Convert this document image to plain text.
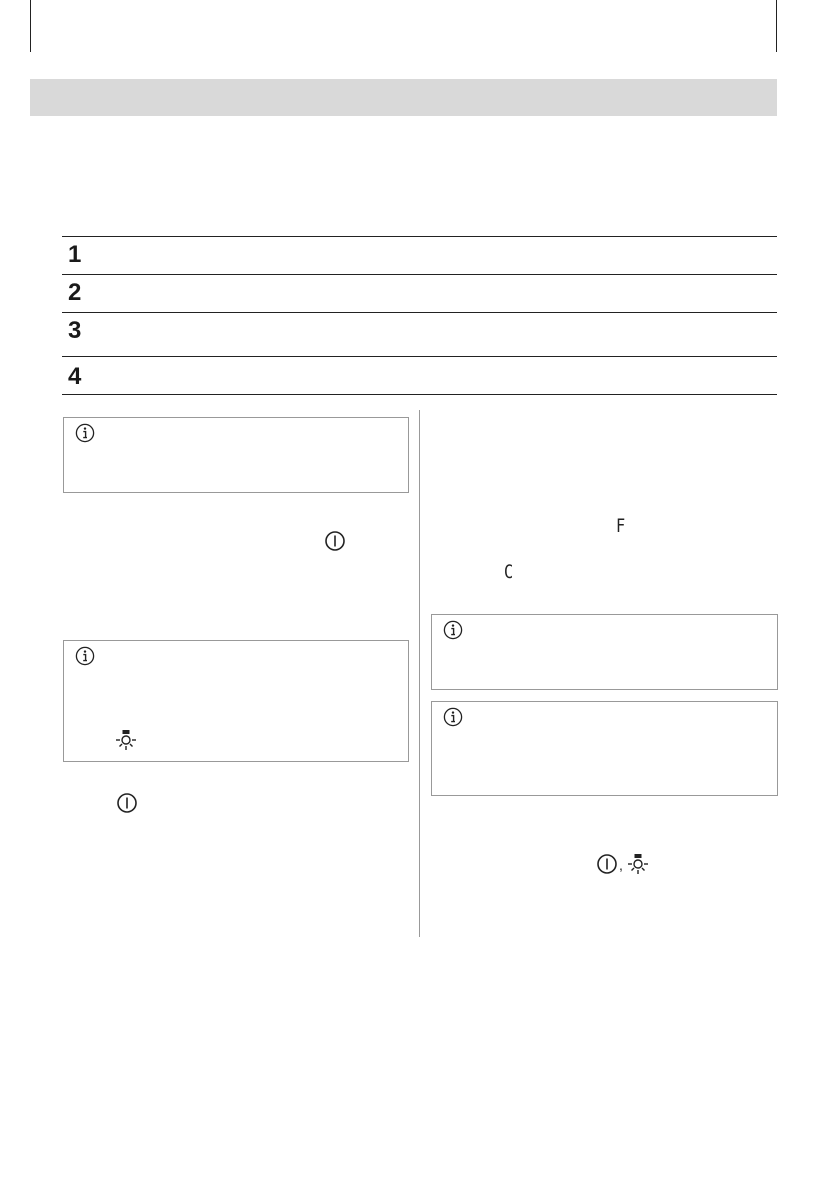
1
2
3
4
F
C
,
